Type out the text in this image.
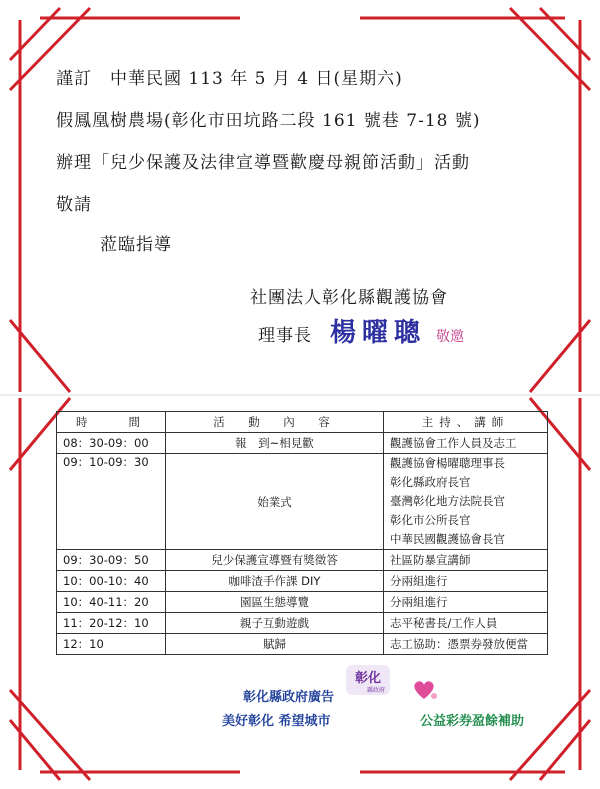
謹訂　中華民國 113 年 5 月 4 日(星期六)
假鳳凰樹農場(彰化市田坑路二段 161 號巷 7-18 號)
辦理「兒少保護及法律宣導暨歡慶母親節活動」活動
敬請
蒞臨指導
社團法人彰化縣觀護協會
理事長 楊曜聰 敬邀
時　　間	活　動　內　容	主持、講師
08：30-09：00	報　到~相見歡	觀護協會工作人員及志工

09：10-09：30	始業式	觀護協會楊曜聰理事長
彰化縣政府長官
臺灣彰化地方法院長官
彰化市公所長官
中華民國觀護協會長官

09：30-09：50	兒少保護宣導暨有獎徵答	社區防暴宣講師

10：00-10：40	咖啡渣手作課 DIY	分兩組進行

10：40-11：20	園區生態導覽	分兩組進行

11：20-12：10	親子互動遊戲	志平秘書長/工作人員

12：10	賦歸	志工協助：憑票券發放便當
彰化
縣政府
彰化縣政府廣告
美好彰化 希望城市	公益彩券盈餘補助
